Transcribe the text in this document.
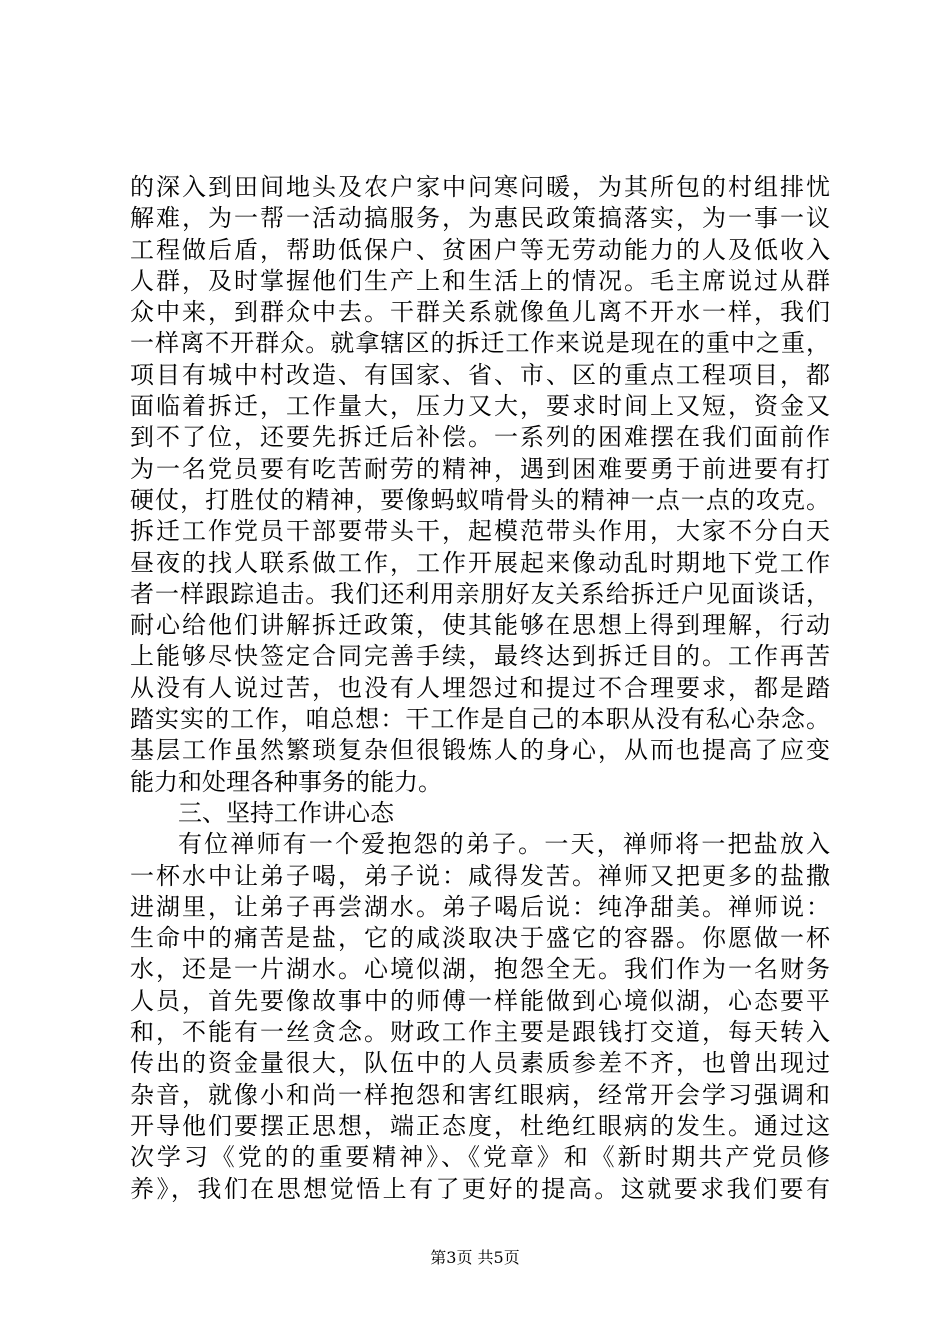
的深入到田间地头及农户家中问寒问暖，为其所包的村组排忧
解难，为一帮一活动搞服务，为惠民政策搞落实，为一事一议
工程做后盾，帮助低保户、贫困户等无劳动能力的人及低收入
人群，及时掌握他们生产上和生活上的情况。毛主席说过从群
众中来，到群众中去。干群关系就像鱼儿离不开水一样，我们
一样离不开群众。就拿辖区的拆迁工作来说是现在的重中之重，
项目有城中村改造、有国家、省、市、区的重点工程项目，都
面临着拆迁，工作量大，压力又大，要求时间上又短，资金又
到不了位，还要先拆迁后补偿。一系列的困难摆在我们面前作
为一名党员要有吃苦耐劳的精神，遇到困难要勇于前进要有打
硬仗，打胜仗的精神，要像蚂蚁啃骨头的精神一点一点的攻克。
拆迁工作党员干部要带头干，起模范带头作用，大家不分白天
昼夜的找人联系做工作，工作开展起来像动乱时期地下党工作
者一样跟踪追击。我们还利用亲朋好友关系给拆迁户见面谈话，
耐心给他们讲解拆迁政策，使其能够在思想上得到理解，行动
上能够尽快签定合同完善手续，最终达到拆迁目的。工作再苦
从没有人说过苦，也没有人埋怨过和提过不合理要求，都是踏
踏实实的工作，咱总想：干工作是自己的本职从没有私心杂念。
基层工作虽然繁琐复杂但很锻炼人的身心，从而也提高了应变
能力和处理各种事务的能力。
三、坚持工作讲心态
有位禅师有一个爱抱怨的弟子。一天，禅师将一把盐放入
一杯水中让弟子喝，弟子说：咸得发苦。禅师又把更多的盐撒
进湖里，让弟子再尝湖水。弟子喝后说：纯净甜美。禅师说：
生命中的痛苦是盐，它的咸淡取决于盛它的容器。你愿做一杯
水，还是一片湖水。心境似湖，抱怨全无。我们作为一名财务
人员，首先要像故事中的师傅一样能做到心境似湖，心态要平
和，不能有一丝贪念。财政工作主要是跟钱打交道，每天转入
传出的资金量很大，队伍中的人员素质参差不齐，也曾出现过
杂音，就像小和尚一样抱怨和害红眼病，经常开会学习强调和
开导他们要摆正思想，端正态度，杜绝红眼病的发生。通过这
次学习《党的的重要精神》、《党章》和《新时期共产党员修
养》，我们在思想觉悟上有了更好的提高。这就要求我们要有
第3页 共5页
